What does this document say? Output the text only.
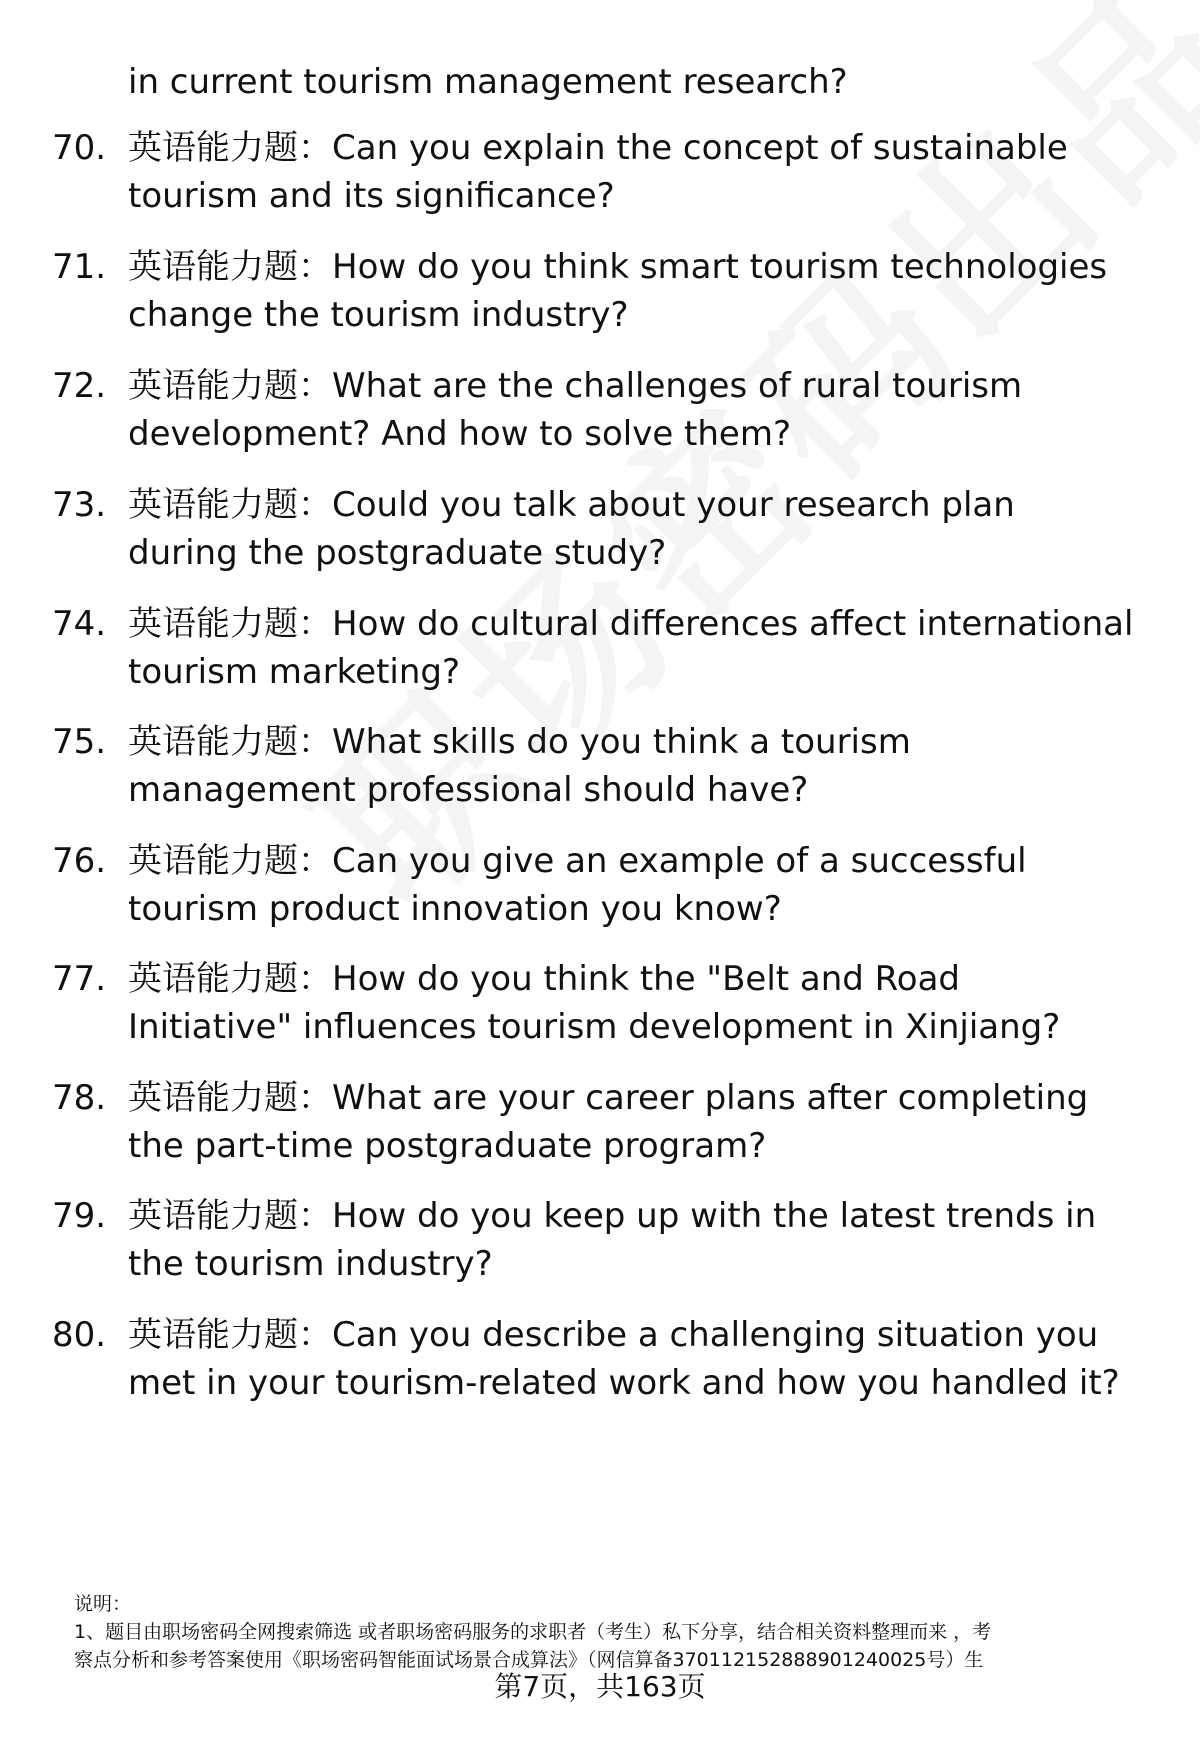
in current tourism management research?
70. 英语能力题：Can you explain the concept of sustainable
tourism and its significance?
71. 英语能力题：How do you think smart tourism technologies
change the tourism industry?
72. 英语能力题：What are the challenges of rural tourism
development? And how to solve them?
73. 英语能力题：Could you talk about your research plan
during the postgraduate study?
74. 英语能力题：How do cultural differences affect international
tourism marketing?
75. 英语能力题：What skills do you think a tourism
management professional should have?
76. 英语能力题：Can you give an example of a successful
tourism product innovation you know?
77. 英语能力题：How do you think the "Belt and Road
Initiative" influences tourism development in Xinjiang?
78. 英语能力题：What are your career plans after completing
the part-time postgraduate program?
79. 英语能力题：How do you keep up with the latest trends in
the tourism industry?
80. 英语能力题：Can you describe a challenging situation you
met in your tourism-related work and how you handled it?
说明：
1、题目由职场密码全网搜索筛选 或者职场密码服务的求职者（考生）私下分享，结合相关资料整理而来 ，考
察点分析和参考答案使用《职场密码智能面试场景合成算法》（网信算备370112152888901240025号）生
第7页，共163页
